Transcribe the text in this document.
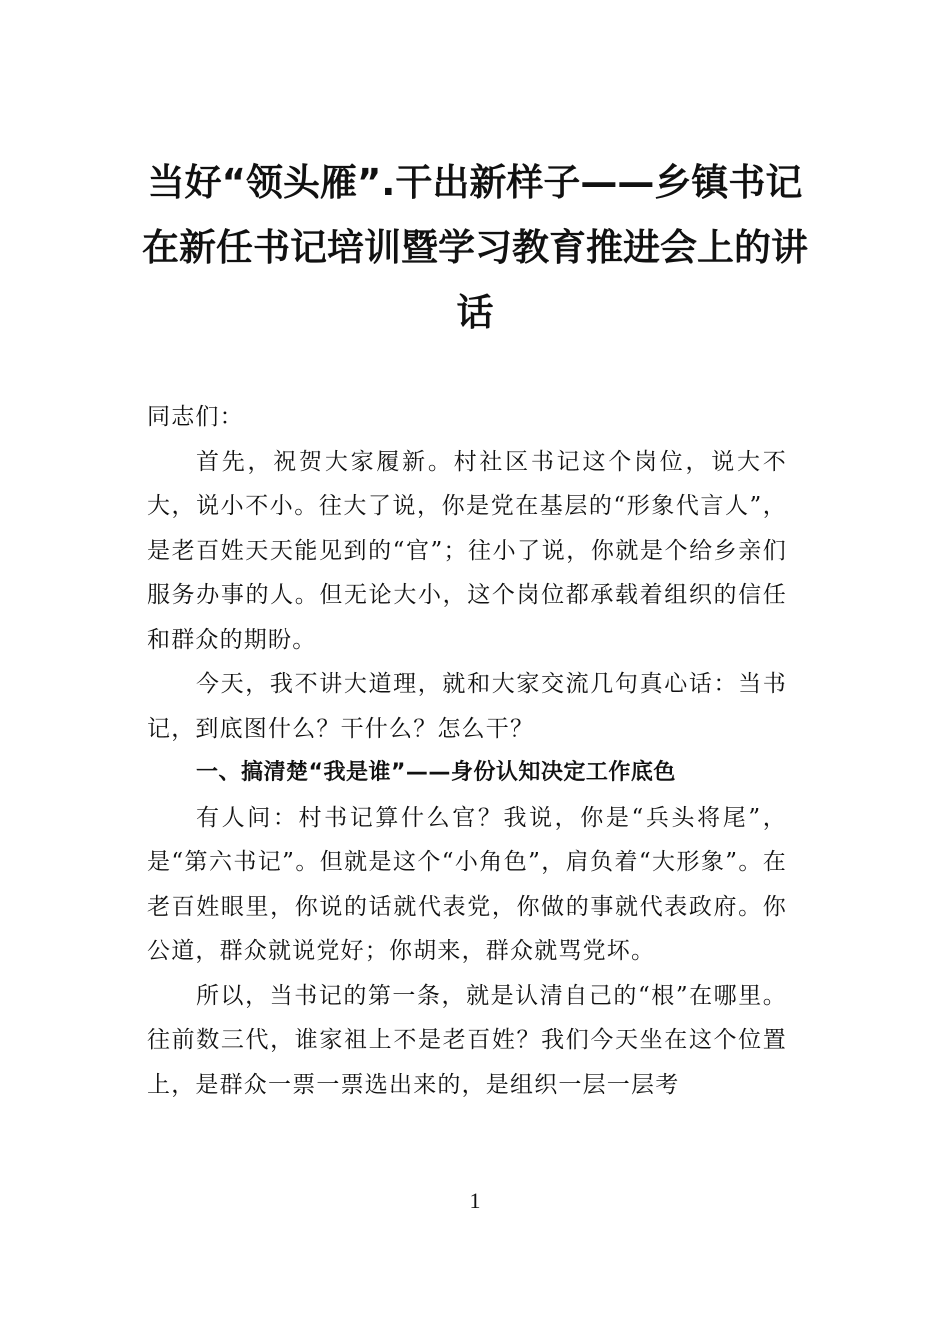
当好“领头雁”.干出新样子——乡镇书记
在新任书记培训暨学习教育推进会上的讲
话

同志们：

首先，祝贺大家履新。村社区书记这个岗位，说大不大，说小不小。往大了说，你是党在基层的“形象代言人”，是老百姓天天能见到的“官”；往小了说，你就是个给乡亲们服务办事的人。但无论大小，这个岗位都承载着组织的信任和群众的期盼。

今天，我不讲大道理，就和大家交流几句真心话：当书记，到底图什么？干什么？怎么干？

一、搞清楚“我是谁”——身份认知决定工作底色

有人问：村书记算什么官？我说，你是“兵头将尾”，是“第六书记”。但就是这个“小角色”，肩负着“大形象”。在老百姓眼里，你说的话就代表党，你做的事就代表政府。你公道，群众就说党好；你胡来，群众就骂党坏。

所以，当书记的第一条，就是认清自己的“根”在哪里。往前数三代，谁家祖上不是老百姓？我们今天坐在这个位置上，是群众一票一票选出来的，是组织一层一层考

1
